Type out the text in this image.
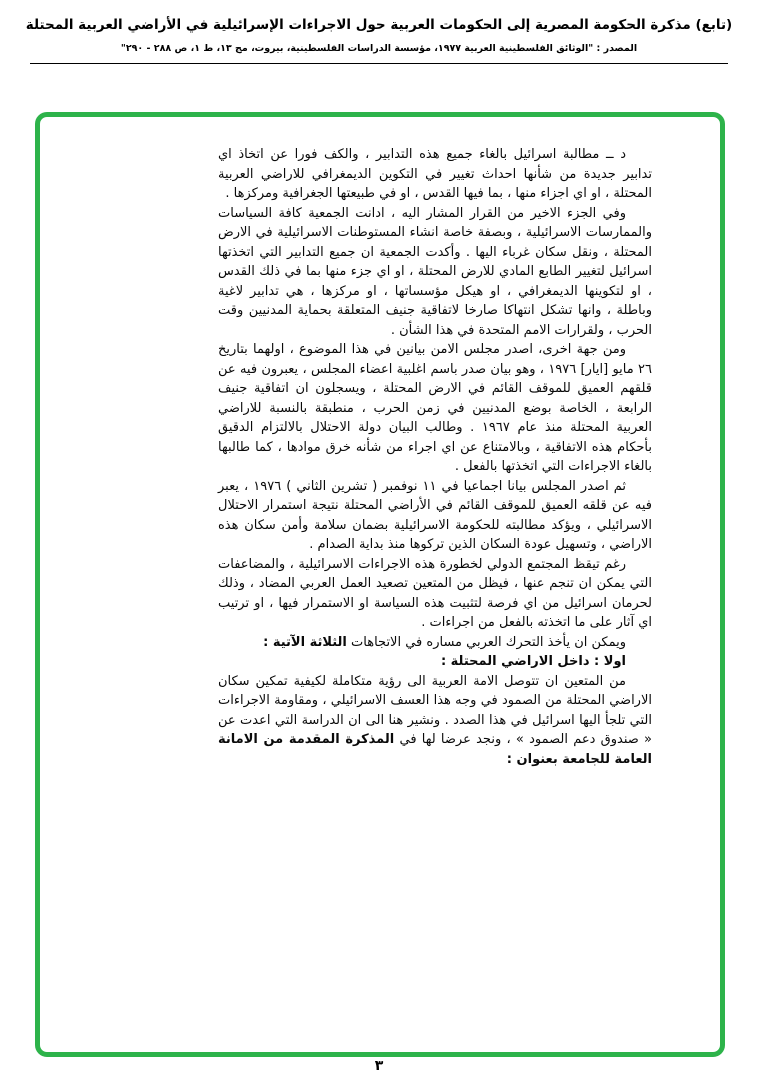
(تابع) مذكرة الحكومة المصرية إلى الحكومات العربية حول الاجراءات الإسرائيلية في الأراضي العربية المحتلة
المصدر : "الوثائق الفلسطينية العربية ١٩٧٧، مؤسسة الدراسات الفلسطينية، بيروت، مج ١٣، ط ١، ص ٢٨٨ - ٢٩٠"

د ــ مطالبة اسرائيل بالغاء جميع هذه التدابير ، والكف فورا عن اتخاذ اي تدابير جديدة من شأنها احداث تغيير في التكوين الديمغرافي للاراضي العربية المحتلة ، او اي اجزاء منها ، بما فيها القدس ، او في طبيعتها الجغرافية ومركزها .

وفي الجزء الاخير من القرار المشار اليه ، ادانت الجمعية كافة السياسات والممارسات الاسرائيلية ، وبصفة خاصة انشاء المستوطنات الاسرائيلية في الارض المحتلة ، ونقل سكان غرباء اليها . وأكدت الجمعية ان جميع التدابير التي اتخذتها اسرائيل لتغيير الطابع المادي للارض المحتلة ، او اي جزء منها بما في ذلك القدس ، او لتكوينها الديمغرافي ، او هيكل مؤسساتها ، او مركزها ، هي تدابير لاغية وباطلة ، وانها تشكل انتهاكا صارخا لاتفاقية جنيف المتعلقة بحماية المدنيين وقت الحرب ، ولقرارات الامم المتحدة في هذا الشأن .

ومن جهة اخرى، اصدر مجلس الامن بيانين في هذا الموضوع ، اولهما بتاريخ ٢٦ مايو [ايار] ١٩٧٦ ، وهو بيان صدر باسم اغلبية اعضاء المجلس ، يعبرون فيه عن قلقهم العميق للموقف القائم في الارض المحتلة ، ويسجلون ان اتفاقية جنيف الرابعة ، الخاصة بوضع المدنيين في زمن الحرب ، منطبقة بالنسبة للاراضي العربية المحتلة منذ عام ١٩٦٧ . وطالب البيان دولة الاحتلال بالالتزام الدقيق بأحكام هذه الاتفاقية ، وبالامتناع عن اي اجراء من شأنه خرق موادها ، كما طالبها بالغاء الاجراءات التي اتخذتها بالفعل .

ثم اصدر المجلس بيانا اجماعيا في ١١ نوفمبر ( تشرين الثاني ) ١٩٧٦ ، يعبر فيه عن قلقه العميق للموقف القائم في الأراضي المحتلة نتيجة استمرار الاحتلال الاسرائيلي ، ويؤكد مطالبته للحكومة الاسرائيلية بضمان سلامة وأمن سكان هذه الاراضي ، وتسهيل عودة السكان الذين تركوها منذ بداية الصدام .

رغم تيقظ المجتمع الدولي لخطورة هذه الاجراءات الاسرائيلية ، والمضاعفات التي يمكن ان تنجم عنها ، فيظل من المتعين تصعيد العمل العربي المضاد ، وذلك لحرمان اسرائيل من اي فرصة لتثبيت هذه السياسة او الاستمرار فيها ، او ترتيب اي آثار على ما اتخذته بالفعل من اجراءات .

ويمكن ان يأخذ التحرك العربي مساره في الاتجاهات الثلاثة الآتية :

اولا : داخل الاراضي المحتلة :

من المتعين ان تتوصل الامة العربية الى رؤية متكاملة لكيفية تمكين سكان الاراضي المحتلة من الصمود في وجه هذا العسف الاسرائيلي ، ومقاومة الاجراءات التي تلجأ اليها اسرائيل في هذا الصدد . ونشير هنا الى ان الدراسة التي اعدت عن « صندوق دعم الصمود » ، ونجد عرضا لها في المذكرة المقدمة من الامانة العامة للجامعة بعنوان :

٣
